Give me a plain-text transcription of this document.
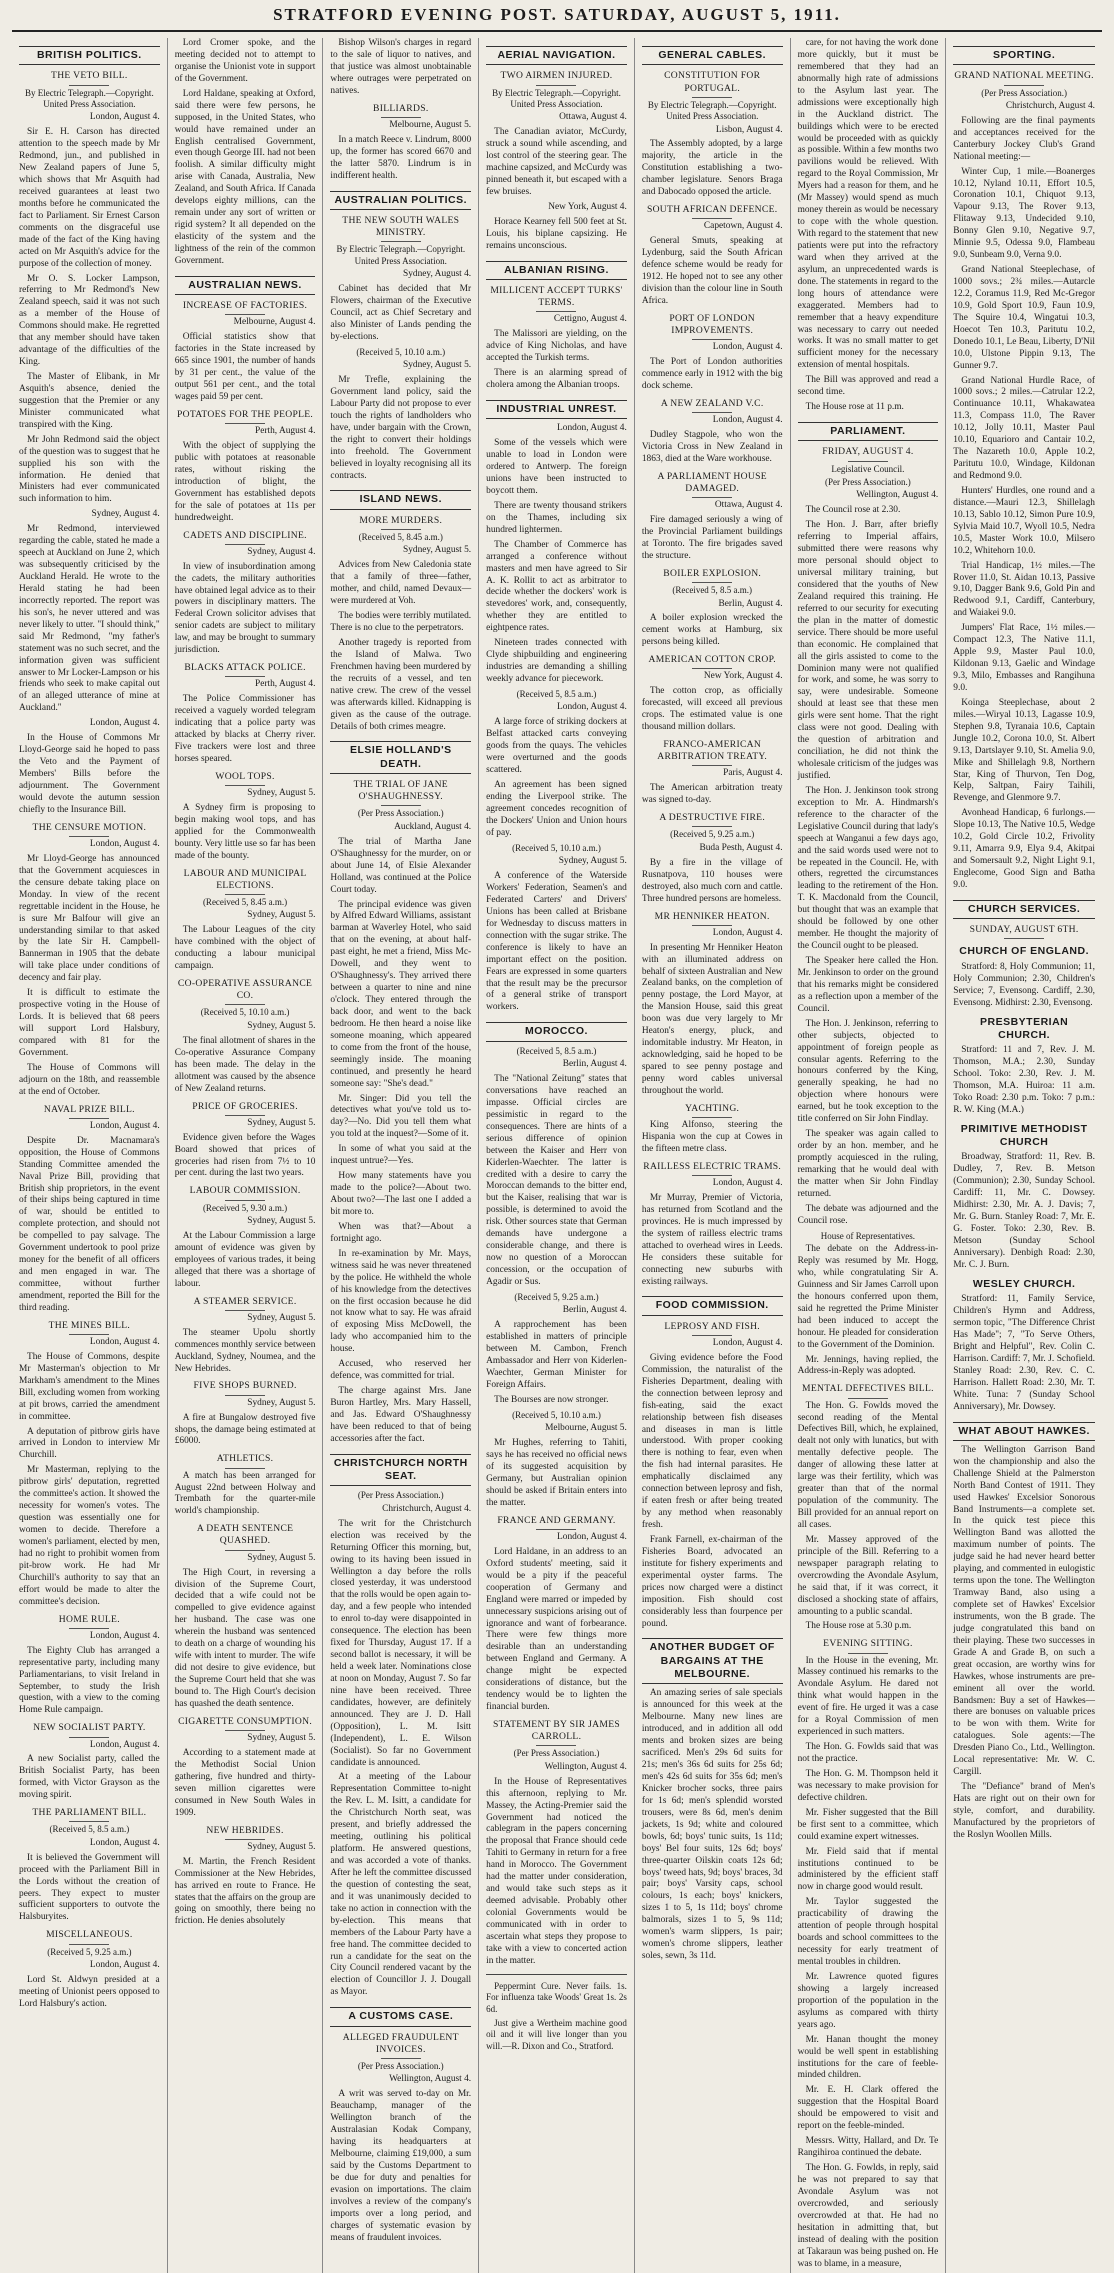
STRATFORD EVENING POST. SATURDAY, AUGUST 5, 1911.
BRITISH POLITICS.
THE VETO BILL.
By Electric Telegraph.—Copyright. United Press Association.

London, August 4.

Sir E. H. Carson has directed attention to the speech made by Mr Redmond, jun., and published in New Zealand papers of June 5, which shows that Mr Asquith had received guarantees at least two months before he communicated the fact to Parliament. Sir Ernest Carson comments on the disgraceful use made of the fact of the King having acted on Mr Asquith's advice for the purpose of the collection of money.

Mr O. S. Locker Lampson, referring to Mr Redmond's New Zealand speech, said it was not such as a member of the House of Commons should make. He regretted that any member should have taken advantage of the difficulties of the King.

The Master of Elibank, in Mr Asquith's absence, denied the suggestion that the Premier or any Minister communicated what transpired with the King.

Mr John Redmond said the object of the question was to suggest that he supplied his son with the information. He denied that Ministers had ever communicated such information to him.

Sydney, August 4.

Mr Redmond, interviewed regarding the cable, stated he made a speech at Auckland on June 2, which was subsequently criticised by the Auckland Herald. He wrote to the Herald stating he had been incorrectly reported. The report was his son's, he never uttered and was never likely to utter. "I should think," said Mr Redmond, "my father's statement was no such secret, and the information given was sufficient answer to Mr Locker-Lampson or his friends who seek to make capital out of an alleged utterance of mine at Auckland."

London, August 4.

In the House of Commons Mr Lloyd-George said he hoped to pass the Veto and the Payment of Members' Bills before the adjournment. The Government would devote the autumn session chiefly to the Insurance Bill.

THE CENSURE MOTION.

London, August 4.

Mr Lloyd-George has announced that the Government acquiesces in the censure debate taking place on Monday. In view of the recent regrettable incident in the House, he is sure Mr Balfour will give an understanding similar to that asked by the late Sir H. Campbell-Bannerman in 1905 that the debate will take place under conditions of decency and fair play.

It is difficult to estimate the prospective voting in the House of Lords. It is believed that 68 peers will support Lord Halsbury, compared with 81 for the Government.

The House of Commons will adjourn on the 18th, and reassemble at the end of October.

NAVAL PRIZE BILL.

London, August 4.

Despite Dr. Macnamara's opposition, the House of Commons Standing Committee amended the Naval Prize Bill, providing that British ship proprietors, in the event of their ships being captured in time of war, should be entitled to complete protection, and should not be compelled to pay salvage. The Government undertook to pool prize money for the benefit of all officers and men engaged in war. The committee, without further amendment, reported the Bill for the third reading.

THE MINES BILL.

London, August 4.

The House of Commons, despite Mr Masterman's objection to Mr Markham's amendment to the Mines Bill, excluding women from working at pit brows, carried the amendment in committee.

A deputation of pitbrow girls have arrived in London to interview Mr Churchill.

Mr Masterman, replying to the pitbrow girls' deputation, regretted the committee's action. It showed the necessity for women's votes. The question was essentially one for women to decide. Therefore a women's parliament, elected by men, had no right to prohibit women from pit-brow work. He had Mr Churchill's authority to say that an effort would be made to alter the committee's decision.

HOME RULE.

London, August 4.

The Eighty Club has arranged a representative party, including many Parliamentarians, to visit Ireland in September, to study the Irish question, with a view to the coming Home Rule campaign.

NEW SOCIALIST PARTY.

London, August 4.

A new Socialist party, called the British Socialist Party, has been formed, with Victor Grayson as the moving spirit.

THE PARLIAMENT BILL.
(Received 5, 8.5 a.m.)

London, August 4.

It is believed the Government will proceed with the Parliament Bill in the Lords without the creation of peers. They expect to muster sufficient supporters to outvote the Halsburyites.

MISCELLANEOUS.
(Received 5, 9.25 a.m.)

London, August 4.

Lord St. Aldwyn presided at a meeting of Unionist peers opposed to Lord Halsbury's action.

Lord Cromer spoke, and the meeting decided not to attempt to organise the Unionist vote in support of the Government.

Lord Haldane, speaking at Oxford, said there were few persons, he supposed, in the United States, who would have remained under an English centralised Government, even though George III. had not been foolish. A similar difficulty might arise with Canada, Australia, New Zealand, and South Africa. If Canada develops eighty millions, can the remain under any sort of written or rigid system? It all depended on the elasticity of the system and the lightness of the rein of the common Government.

AUSTRALIAN NEWS.
INCREASE OF FACTORIES.

Melbourne, August 4.

Official statistics show that factories in the State increased by 665 since 1901, the number of hands by 31 per cent., the value of the output 561 per cent., and the total wages paid 59 per cent.

POTATOES FOR THE PEOPLE.

Perth, August 4.

With the object of supplying the public with potatoes at reasonable rates, without risking the introduction of blight, the Government has established depots for the sale of potatoes at 11s per hundredweight.

CADETS AND DISCIPLINE.

Sydney, August 4.

In view of insubordination among the cadets, the military authorities have obtained legal advice as to their powers in disciplinary matters. The Federal Crown solicitor advises that senior cadets are subject to military law, and may be brought to summary jurisdiction.

BLACKS ATTACK POLICE.

Perth, August 4.

The Police Commissioner has received a vaguely worded telegram indicating that a police party was attacked by blacks at Cherry river. Five trackers were lost and three horses speared.

WOOL TOPS.

Sydney, August 5.

A Sydney firm is proposing to begin making wool tops, and has applied for the Commonwealth bounty. Very little use so far has been made of the bounty.

LABOUR AND MUNICIPAL ELECTIONS.
(Received 5, 8.45 a.m.)

Sydney, August 5.

The Labour Leagues of the city have combined with the object of conducting a labour municipal campaign.

CO-OPERATIVE ASSURANCE CO.
(Received 5, 10.10 a.m.)

Sydney, August 5.

The final allotment of shares in the Co-operative Assurance Company has been made. The delay in the allotment was caused by the absence of New Zealand returns.

PRICE OF GROCERIES.

Sydney, August 5.

Evidence given before the Wages Board showed that prices of groceries had risen from 7½ to 10 per cent. during the last two years.

LABOUR COMMISSION.
(Received 5, 9.30 a.m.)

Sydney, August 5.

At the Labour Commission a large amount of evidence was given by employees of various trades, it being alleged that there was a shortage of labour.

A STEAMER SERVICE.

Sydney, August 5.

The steamer Upolu shortly commences monthly service between Auckland, Sydney, Noumea, and the New Hebrides.

FIVE SHOPS BURNED.

Sydney, August 5.

A fire at Bungalow destroyed five shops, the damage being estimated at £6000.

ATHLETICS.

A match has been arranged for August 22nd between Holway and Trembath for the quarter-mile world's championship.

A DEATH SENTENCE QUASHED.

Sydney, August 5.

The High Court, in reversing a division of the Supreme Court, decided that a wife could not be compelled to give evidence against her husband. The case was one wherein the husband was sentenced to death on a charge of wounding his wife with intent to murder. The wife did not desire to give evidence, but the Supreme Court held that she was bound to. The High Court's decision has quashed the death sentence.

CIGARETTE CONSUMPTION.

Sydney, August 5.

According to a statement made at the Methodist Social Union gathering, five hundred and thirty-seven million cigarettes were consumed in New South Wales in 1909.

NEW HEBRIDES.

Sydney, August 5.

M. Martin, the French Resident Commissioner at the New Hebrides, has arrived en route to France. He states that the affairs on the group are going on smoothly, there being no friction. He denies absolutely

Bishop Wilson's charges in regard to the sale of liquor to natives, and that justice was almost unobtainable where outrages were perpetrated on natives.

BILLIARDS.

Melbourne, August 5.

In a match Reece v. Lindrum, 8000 up, the former has scored 6670 and the latter 5870. Lindrum is in indifferent health.

AUSTRALIAN POLITICS.
THE NEW SOUTH WALES MINISTRY.
By Electric Telegraph.—Copyright. United Press Association.

Sydney, August 4.

Cabinet has decided that Mr Flowers, chairman of the Executive Council, act as Chief Secretary and also Minister of Lands pending the by-elections.

(Received 5, 10.10 a.m.)

Sydney, August 5.

Mr Trefle, explaining the Government land policy, said the Labour Party did not propose to ever touch the rights of landholders who have, under bargain with the Crown, the right to convert their holdings into freehold. The Government believed in loyalty recognising all its contracts.

ISLAND NEWS.
MORE MURDERS.
(Received 5, 8.45 a.m.)

Sydney, August 5.

Advices from New Caledonia state that a family of three—father, mother, and child, named Devaux—were murdered at Voh.

The bodies were terribly mutilated. There is no clue to the perpetrators.

Another tragedy is reported from the Island of Malwa. Two Frenchmen having been murdered by the recruits of a vessel, and ten native crew. The crew of the vessel was afterwards killed. Kidnapping is given as the cause of the outrage. Details of both crimes meagre.

ELSIE HOLLAND'S DEATH.
THE TRIAL OF JANE O'SHAUGHNESSY.
(Per Press Association.)

Auckland, August 4.

The trial of Martha Jane O'Shaughnessy for the murder, on or about June 14, of Elsie Alexander Holland, was continued at the Police Court today.

The principal evidence was given by Alfred Edward Williams, assistant barman at Waverley Hotel, who said that on the evening, at about half-past eight, he met a friend, Miss Mc-Dowell, and they went to O'Shaughnessy's. They arrived there between a quarter to nine and nine o'clock. They entered through the back door, and went to the back bedroom. He then heard a noise like someone moaning, which appeared to come from the front of the house, seemingly inside. The moaning continued, and presently he heard someone say: "She's dead."

Mr. Singer: Did you tell the detectives what you've told us to-day?—No. Did you tell them what you told at the inquest?—Some of it.

In some of what you said at the inquest untrue?—Yes.

How many statements have you made to the police?—About two. About two?—The last one I added a bit more to.

When was that?—About a fortnight ago.

In re-examination by Mr. Mays, witness said he was never threatened by the police. He withheld the whole of his knowledge from the detectives on the first occasion because he did not know what to say. He was afraid of exposing Miss McDowell, the lady who accompanied him to the house.

Accused, who reserved her defence, was committed for trial.

The charge against Mrs. Jane Buron Hartley, Mrs. Mary Hassell, and Jas. Edward O'Shaughnessy have been reduced to that of being accessories after the fact.

CHRISTCHURCH NORTH SEAT.
(Per Press Association.)

Christchurch, August 4.

The writ for the Christchurch election was received by the Returning Officer this morning, but, owing to its having been issued in Wellington a day before the rolls closed yesterday, it was understood that the rolls would be open again to-day, and a few people who intended to enrol to-day were disappointed in consequence. The election has been fixed for Thursday, August 17. If a second ballot is necessary, it will be held a week later. Nominations close at noon on Monday, August 7. So far nine have been received. Three candidates, however, are definitely announced. They are J. D. Hall (Opposition), L. M. Isitt (Independent), L. E. Wilson (Socialist). So far no Government candidate is announced.

At a meeting of the Labour Representation Committee to-night the Rev. L. M. Isitt, a candidate for the Christchurch North seat, was present, and briefly addressed the meeting, outlining his political platform. He answered questions, and was accorded a vote of thanks. After he left the committee discussed the question of contesting the seat, and it was unanimously decided to take no action in connection with the by-election. This means that members of the Labour Party have a free hand. The committee decided to run a candidate for the seat on the City Council rendered vacant by the election of Councillor J. J. Dougall as Mayor.

A CUSTOMS CASE.
ALLEGED FRAUDULENT INVOICES.
(Per Press Association.)

Wellington, August 4.

A writ was served to-day on Mr. Beauchamp, manager of the Wellington branch of the Australasian Kodak Company, having its headquarters at Melbourne, claiming £19,000, a sum said by the Customs Department to be due for duty and penalties for evasion on importations. The claim involves a review of the company's imports over a long period, and charges of systematic evasion by means of fraudulent invoices.

AERIAL NAVIGATION.
TWO AIRMEN INJURED.
By Electric Telegraph.—Copyright. United Press Association.

Ottawa, August 4.

The Canadian aviator, McCurdy, struck a sound while ascending, and lost control of the steering gear. The machine capsized, and McCurdy was pinned beneath it, but escaped with a few bruises.

New York, August 4.

Horace Kearney fell 500 feet at St. Louis, his biplane capsizing. He remains unconscious.

ALBANIAN RISING.
MILLICENT ACCEPT TURKS' TERMS.

Cettigno, August 4.

The Malissori are yielding, on the advice of King Nicholas, and have accepted the Turkish terms.

There is an alarming spread of cholera among the Albanian troops.

INDUSTRIAL UNREST.

London, August 4.

Some of the vessels which were unable to load in London were ordered to Antwerp. The foreign unions have been instructed to boycott them.

There are twenty thousand strikers on the Thames, including six hundred lightermen.

The Chamber of Commerce has arranged a conference without masters and men have agreed to Sir A. K. Rollit to act as arbitrator to decide whether the dockers' work is stevedores' work, and, consequently, whether they are entitled to eightpence rates.

Nineteen trades connected with Clyde shipbuilding and engineering industries are demanding a shilling weekly advance for piecework.

(Received 5, 8.5 a.m.)

London, August 4.

A large force of striking dockers at Belfast attacked carts conveying goods from the quays. The vehicles were overturned and the goods scattered.

An agreement has been signed ending the Liverpool strike. The agreement concedes recognition of the Dockers' Union and Union hours of pay.

(Received 5, 10.10 a.m.)

Sydney, August 5.

A conference of the Waterside Workers' Federation, Seamen's and Federated Carters' and Drivers' Unions has been called at Brisbane for Wednesday to discuss matters in connection with the sugar strike. The conference is likely to have an important effect on the position. Fears are expressed in some quarters that the result may be the precursor of a general strike of transport workers.

MOROCCO.
(Received 5, 8.5 a.m.)

Berlin, August 4.

The "National Zeitung" states that conversations have reached an impasse. Official circles are pessimistic in regard to the consequences. There are hints of a serious difference of opinion between the Kaiser and Herr von Kiderlen-Waechter. The latter is credited with a desire to carry the Moroccan demands to the bitter end, but the Kaiser, realising that war is possible, is determined to avoid the risk. Other sources state that German demands have undergone a considerable change, and there is now no question of a Moroccan concession, or the occupation of Agadir or Sus.

(Received 5, 9.25 a.m.)

Berlin, August 4.

A rapprochement has been established in matters of principle between M. Cambon, French Ambassador and Herr von Kiderlen-Waechter, German Minister for Foreign Affairs.

The Bourses are now stronger.

(Received 5, 10.10 a.m.)

Melbourne, August 5.

Mr Hughes, referring to Tahiti, says he has received no official news of its suggested acquisition by Germany, but Australian opinion should be asked if Britain enters into the matter.

FRANCE AND GERMANY.

London, August 4.

Lord Haldane, in an address to an Oxford students' meeting, said it would be a pity if the peaceful cooperation of Germany and England were marred or impeded by unnecessary suspicions arising out of ignorance and want of forbearance. There were few things more desirable than an understanding between England and Germany. A change might be expected considerations of distance, but the tendency would be to lighten the financial burden.

STATEMENT BY SIR JAMES CARROLL.
(Per Press Association.)

Wellington, August 4.

In the House of Representatives this afternoon, replying to Mr. Massey, the Acting-Premier said the Government had noticed the cablegram in the papers concerning the proposal that France should cede Tahiti to Germany in return for a free hand in Morocco. The Government had the matter under consideration, and would take such steps as it deemed advisable. Probably other colonial Governments would be communicated with in order to ascertain what steps they propose to take with a view to concerted action in the matter.

Peppermint Cure. Never fails. 1s. For influenza take Woods' Great 1s. 2s 6d.

Just give a Wertheim machine good oil and it will live longer than you will.—R. Dixon and Co., Stratford.

GENERAL CABLES.
CONSTITUTION FOR PORTUGAL.
By Electric Telegraph.—Copyright. United Press Association.

Lisbon, August 4.

The Assembly adopted, by a large majority, the article in the Constitution establishing a two-chamber legislature. Senors Braga and Dabocado opposed the article.

SOUTH AFRICAN DEFENCE.

Capetown, August 4.

General Smuts, speaking at Lydenburg, said the South African defence scheme would be ready for 1912. He hoped not to see any other division than the colour line in South Africa.

PORT OF LONDON IMPROVEMENTS.

London, August 4.

The Port of London authorities commence early in 1912 with the big dock scheme.

A NEW ZEALAND V.C.

London, August 4.

Dudley Stagpole, who won the Victoria Cross in New Zealand in 1863, died at the Ware workhouse.

A PARLIAMENT HOUSE DAMAGED.

Ottawa, August 4.

Fire damaged seriously a wing of the Provincial Parliament buildings at Toronto. The fire brigades saved the structure.

BOILER EXPLOSION.
(Received 5, 8.5 a.m.)

Berlin, August 4.

A boiler explosion wrecked the cement works at Hamburg, six persons being killed.

AMERICAN COTTON CROP.

New York, August 4.

The cotton crop, as officially forecasted, will exceed all previous crops. The estimated value is one thousand million dollars.

FRANCO-AMERICAN ARBITRATION TREATY.

Paris, August 4.

The American arbitration treaty was signed to-day.

A DESTRUCTIVE FIRE.
(Received 5, 9.25 a.m.)

Buda Pesth, August 4.

By a fire in the village of Rusnatpova, 110 houses were destroyed, also much corn and cattle. Three hundred persons are homeless.

MR HENNIKER HEATON.

London, August 4.

In presenting Mr Henniker Heaton with an illuminated address on behalf of sixteen Australian and New Zealand banks, on the completion of penny postage, the Lord Mayor, at the Mansion House, said this great boon was due very largely to Mr Heaton's energy, pluck, and indomitable industry. Mr Heaton, in acknowledging, said he hoped to be spared to see penny postage and penny word cables universal throughout the world.

YACHTING.

King Alfonso, steering the Hispania won the cup at Cowes in the fifteen metre class.

RAILLESS ELECTRIC TRAMS.

London, August 4.

Mr Murray, Premier of Victoria, has returned from Scotland and the provinces. He is much impressed by the system of railless electric trams attached to overhead wires in Leeds. He considers these suitable for connecting new suburbs with existing railways.

FOOD COMMISSION.
LEPROSY AND FISH.

London, August 4.

Giving evidence before the Food Commission, the naturalist of the Fisheries Department, dealing with the connection between leprosy and fish-eating, said the exact relationship between fish diseases and diseases in man is little understood. With proper cooking there is nothing to fear, even when the fish had internal parasites. He emphatically disclaimed any connection between leprosy and fish, if eaten fresh or after being treated by any method when reasonably fresh.

Frank Farnell, ex-chairman of the Fisheries Board, advocated an institute for fishery experiments and experimental oyster farms. The prices now charged were a distinct imposition. Fish should cost considerably less than fourpence per pound.

ANOTHER BUDGET OF BARGAINS AT THE MELBOURNE.

An amazing series of sale specials is announced for this week at the Melbourne. Many new lines are introduced, and in addition all odd ments and broken sizes are being sacrificed. Men's 29s 6d suits for 21s; men's 36s 6d suits for 25s 6d; men's 42s 6d suits for 35s 6d; men's Knicker brocher socks, three pairs for 1s 6d; men's splendid worsted trousers, were 8s 6d, men's denim jackets, 1s 9d; white and coloured bowls, 6d; boys' tunic suits, 1s 11d; boys' Bel four suits, 12s 6d; boys' three-quarter Oilskin coats 12s 6d; boys' tweed hats, 9d; boys' braces, 3d pair; boys' Varsity caps, school colours, 1s each; boys' knickers, sizes 1 to 5, 1s 11d; boys' chrome balmorals, sizes 1 to 5, 9s 11d; women's warm slippers, 1s pair; women's chrome slippers, leather soles, sewn, 3s 11d.

care, for not having the work done more quickly, but it must be remembered that they had an abnormally high rate of admissions to the Asylum last year. The admissions were exceptionally high in the Auckland district. The buildings which were to be erected would be proceeded with as quickly as possible. Within a few months two pavilions would be relieved. With regard to the Royal Commission, Mr Myers had a reason for them, and he (Mr Massey) would spend as much money therein as would be necessary to cope with the whole question. With regard to the statement that new patients were put into the refractory ward when they arrived at the asylum, an unprecedented wards is done. The statements in regard to the long hours of attendance were exaggerated. Members had to remember that a heavy expenditure was necessary to carry out needed works. It was no small matter to get sufficient money for the necessary extension of mental hospitals.

The Bill was approved and read a second time.

The House rose at 11 p.m.

PARLIAMENT.
FRIDAY, AUGUST 4.
Legislative Council.
(Per Press Association.)

Wellington, August 4.

The Council rose at 2.30.

The Hon. J. Barr, after briefly referring to Imperial affairs, submitted there were reasons why more personal should object to universal military training, but considered that the youths of New Zealand required this training. He referred to our security for executing the plan in the matter of domestic service. There should be more useful than economic. He complained that all the girls assisted to come to the Dominion many were not qualified for work, and some, he was sorry to say, were undesirable. Someone should at least see that these men girls were sent home. That the right class were not good. Dealing with the question of arbitration and conciliation, he did not think the wholesale criticism of the judges was justified.

The Hon. J. Jenkinson took strong exception to Mr. A. Hindmarsh's reference to the character of the Legislative Council during that lady's speech at Wanganui a few days ago, and the said words used were not to be repeated in the Council. He, with others, regretted the circumstances leading to the retirement of the Hon. T. K. Macdonald from the Council, but thought that was an example that should be followed by one other member. He thought the majority of the Council ought to be pleased.

The Speaker here called the Hon. Mr. Jenkinson to order on the ground that his remarks might be considered as a reflection upon a member of the Council.

The Hon. J. Jenkinson, referring to other subjects, objected to appointment of foreign people as consular agents. Referring to the honours conferred by the King, generally speaking, he had no objection where honours were earned, but he took exception to the title conferred on Sir John Findlay.

The speaker was again called to order by an hon. member, and he promptly acquiesced in the ruling, remarking that he would deal with the matter when Sir John Findlay returned.

The debate was adjourned and the Council rose.

House of Representatives.

The debate on the Address-in-Reply was resumed by Mr. Hogg, who, while congratulating Sir A. Guinness and Sir James Carroll upon the honours conferred upon them, said he regretted the Prime Minister had been induced to accept the honour. He pleaded for consideration to the Government of the Dominion.

Mr. Jennings, having replied, the Address-in-Reply was adopted.

MENTAL DEFECTIVES BILL.

The Hon. G. Fowlds moved the second reading of the Mental Defectives Bill, which, he explained, dealt not only with lunatics, but with mentally defective people. The danger of allowing these latter at large was their fertility, which was greater than that of the normal population of the community. The Bill provided for an annual report on all cases.

Mr. Massey approved of the principle of the Bill. Referring to a newspaper paragraph relating to overcrowding the Avondale Asylum, he said that, if it was correct, it disclosed a shocking state of affairs, amounting to a public scandal.

The House rose at 5.30 p.m.

EVENING SITTING.

In the House in the evening, Mr. Massey continued his remarks to the Avondale Asylum. He dared not think what would happen in the event of fire. He urged it was a case for a Royal Commission of men experienced in such matters.

The Hon. G. Fowlds said that was not the practice.

The Hon. G. M. Thompson held it was necessary to make provision for defective children.

Mr. Fisher suggested that the Bill be first sent to a committee, which could examine expert witnesses.

Mr. Field said that if mental institutions continued to be administered by the efficient staff now in charge good would result.

Mr. Taylor suggested the practicability of drawing the attention of people through hospital boards and school committees to the necessity for early treatment of mental troubles in children.

Mr. Lawrence quoted figures showing a largely increased proportion of the population in the asylums as compared with thirty years ago.

Mr. Hanan thought the money would be well spent in establishing institutions for the care of feeble-minded children.

Mr. E. H. Clark offered the suggestion that the Hospital Board should be empowered to visit and report on the feeble-minded.

Messrs. Witty, Hallard, and Dr. Te Rangihiroa continued the debate.

The Hon. G. Fowlds, in reply, said he was not prepared to say that Avondale Asylum was not overcrowded, and seriously overcrowded at that. He had no hesitation in admitting that, but instead of dealing with the position at Takaraun was being pushed on. He was to blame, in a measure,

SPORTING.
GRAND NATIONAL MEETING.
(Per Press Association.)

Christchurch, August 4.

Following are the final payments and acceptances received for the Canterbury Jockey Club's Grand National meeting:—

Winter Cup, 1 mile.—Boanerges 10.12, Nyland 10.11, Effort 10.5, Coronation 10.1, Chiquot 9.13, Vapour 9.13, The Rover 9.13, Flitaway 9.13, Undecided 9.10, Bonny Glen 9.10, Negative 9.7, Minnie 9.5, Odessa 9.0, Flambeau 9.0, Sunbeam 9.0, Verna 9.0.

Grand National Steeplechase, of 1000 sovs.; 2¾ miles.—Autarcle 12.2, Coramus 11.9, Red Mc-Gregor 10.9, Gold Sport 10.9, Faun 10.9, The Squire 10.4, Wingatui 10.3, Hoecot Ten 10.3, Paritutu 10.2, Donedo 10.1, Le Beau, Liberty, D'Nil 10.0, Ulstone Pippin 9.13, The Gunner 9.7.

Grand National Hurdle Race, of 1000 sovs.; 2 miles.—Catrular 12.2, Continuance 10.11, Whakawatea 11.3, Compass 11.0, The Raver 10.12, Jolly 10.11, Master Paul 10.10, Equarioro and Cantair 10.2, The Nazareth 10.0, Apple 10.2, Paritutu 10.0, Windage, Kildonan and Redmond 9.0.

Hunters' Hurdles, one round and a distance.—Mauri 12.3, Shillelagh 10.13, Sablo 10.12, Simon Pure 10.9, Sylvia Maid 10.7, Wyoll 10.5, Nedra 10.5, Master Work 10.0, Milsero 10.2, Whitehorn 10.0.

Trial Handicap, 1½ miles.—The Rover 11.0, St. Aidan 10.13, Passive 9.10, Dagger Bank 9.6, Gold Pin and Redwood 9.1, Cardiff, Canterbury, and Waiakei 9.0.

Jumpers' Flat Race, 1½ miles.—Compact 12.3, The Native 11.1, Apple 9.9, Master Paul 10.0, Kildonan 9.13, Gaelic and Windage 9.3, Milo, Embasses and Rangihuna 9.0.

Koinga Steeplechase, about 2 miles.—Wiryal 10.13, Lagasse 10.9, Stephen 9.8, Tyranaia 10.6, Captain Jungle 10.2, Corona 10.0, St. Albert 9.13, Dartslayer 9.10, St. Amelia 9.0, Mike and Shillelagh 9.8, Northern Star, King of Thurvon, Ten Dog, Kelp, Saltpan, Fairy Taihili, Revenge, and Glenmore 9.7.

Avonhead Handicap, 6 furlongs.—Slope 10.13, The Native 10.5, Wedge 10.2, Gold Circle 10.2, Frivolity 9.11, Amarra 9.9, Elya 9.4, Akitpai and Somersault 9.2, Night Light 9.1, Englecome, Good Sign and Batha 9.0.

CHURCH SERVICES.
SUNDAY, AUGUST 6TH.
CHURCH OF ENGLAND.

Stratford: 8, Holy Communion; 11, Holy Communion; 2.30, Children's Service; 7, Evensong. Cardiff, 2.30, Evensong. Midhirst: 2.30, Evensong.

PRESBYTERIAN CHURCH.

Stratford: 11 and 7, Rev. J. M. Thomson, M.A.; 2.30, Sunday School. Toko: 2.30, Rev. J. M. Thomson, M.A. Huiroa: 11 a.m. Toko Road: 2.30 p.m. Toko: 7 p.m.: R. W. King (M.A.)

PRIMITIVE METHODIST CHURCH

Broadway, Stratford: 11, Rev. B. Dudley, 7, Rev. B. Metson (Communion); 2.30, Sunday School. Cardiff: 11, Mr. C. Dowsey. Midhirst: 2.30, Mr. A. J. Davis; 7, Mr. G. Burn. Stanley Road: 7, Mr. E. G. Foster. Toko: 2.30, Rev. B. Metson (Sunday School Anniversary). Denbigh Road: 2.30, Mr. C. J. Burn.

WESLEY CHURCH.

Stratford: 11, Family Service, Children's Hymn and Address, sermon topic, "The Difference Christ Has Made"; 7, "To Serve Others, Bright and Helpful", Rev. Colin C. Harrison. Cardiff: 7, Mr. J. Schofield. Stanley Road: 2.30, Rev. C. C. Harrison. Hallett Road: 2.30, Mr. T. White. Tuna: 7 (Sunday School Anniversary), Mr. Dowsey.

WHAT ABOUT HAWKES.

The Wellington Garrison Band won the championship and also the Challenge Shield at the Palmerston North Band Contest of 1911. They used Hawkes' Excelsior Sonorous Band Instruments—a complete set. In the quick test piece this Wellington Band was allotted the maximum number of points. The judge said he had never heard better playing, and commented in eulogistic terms upon the tone. The Wellington Tramway Band, also using a complete set of Hawkes' Excelsior instruments, won the B grade. The judge congratulated this band on their playing. These two successes in Grade A and Grade B, on such a great occasion, are worthy wins for Hawkes, whose instruments are pre-eminent all over the world. Bandsmen: Buy a set of Hawkes—there are bonuses on valuable prices to be won with them. Write for catalogues. Sole agents:—The Dresden Piano Co., Ltd., Wellington. Local representative: Mr. W. C. Cargill.

The "Defiance" brand of Men's Hats are right out on their own for style, comfort, and durability. Manufactured by the proprietors of the Roslyn Woollen Mills.
